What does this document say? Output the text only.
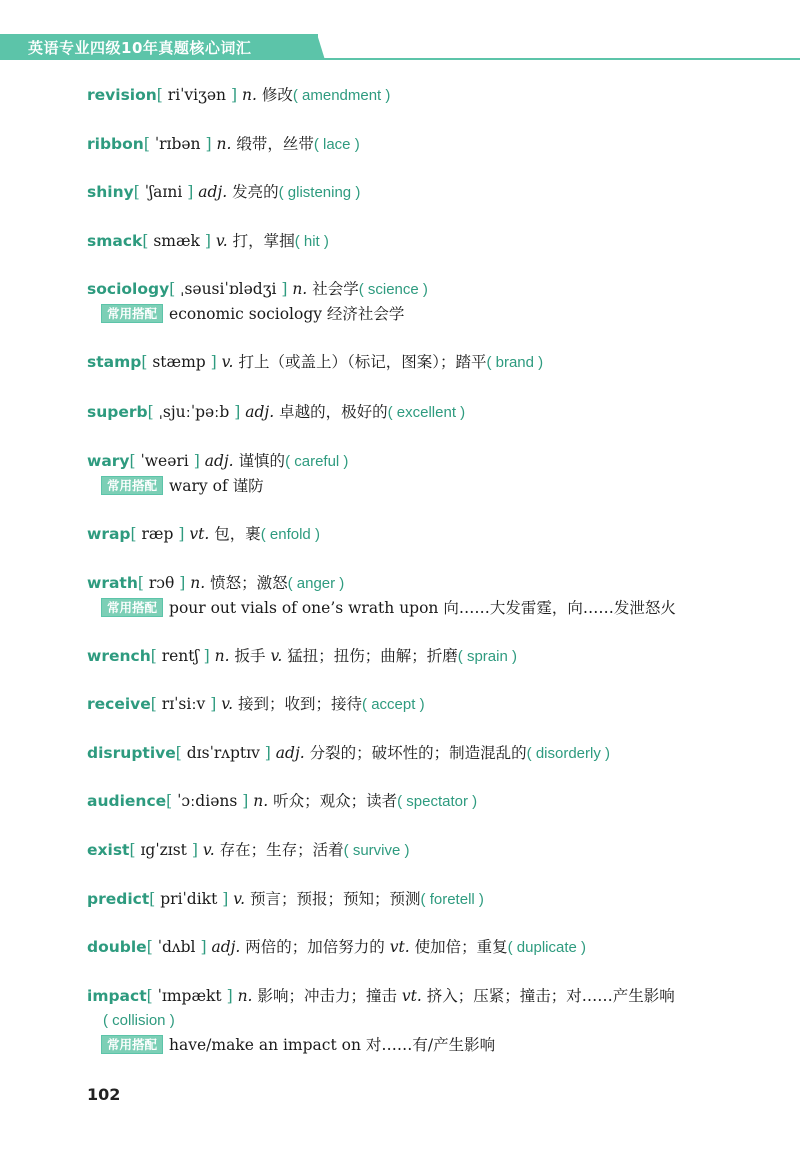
英语专业四级10年真题核心词汇
revision[ riˈviʒən ] n. 修改( amendment )
ribbon[ ˈrɪbən ] n. 缎带，丝带( lace )
shiny[ ˈʃaɪni ] adj. 发亮的( glistening )
smack[ smæk ] v. 打，掌掴( hit )
sociology[ ˌsəusiˈɒlədʒi ] n. 社会学( science )
常用搭配 economic sociology 经济社会学
stamp[ stæmp ] v. 打上（或盖上）（标记，图案）；踏平( brand )
superb[ ˌsjuːˈpəːb ] adj. 卓越的，极好的( excellent )
wary[ ˈweəri ] adj. 谨慎的( careful )
常用搭配 wary of 谨防
wrap[ ræp ] vt. 包，裹( enfold )
wrath[ rɔθ ] n. 愤怒；激怒( anger )
常用搭配 pour out vials of one’s wrath upon 向……大发雷霆，向……发泄怒火
wrench[ rentʃ ] n. 扳手 v. 猛扭；扭伤；曲解；折磨( sprain )
receive[ rɪˈsiːv ] v. 接到；收到；接待( accept )
disruptive[ dɪsˈrʌptɪv ] adj. 分裂的；破坏性的；制造混乱的( disorderly )
audience[ ˈɔːdiəns ] n. 听众；观众；读者( spectator )
exist[ ɪgˈzɪst ] v. 存在；生存；活着( survive )
predict[ priˈdikt ] v. 预言；预报；预知；预测( foretell )
double[ ˈdʌbl ] adj. 两倍的；加倍努力的 vt. 使加倍；重复( duplicate )
impact[ ˈɪmpækt ] n. 影响；冲击力；撞击 vt. 挤入；压紧；撞击；对……产生影响
( collision )
常用搭配 have/make an impact on 对……有/产生影响
102
